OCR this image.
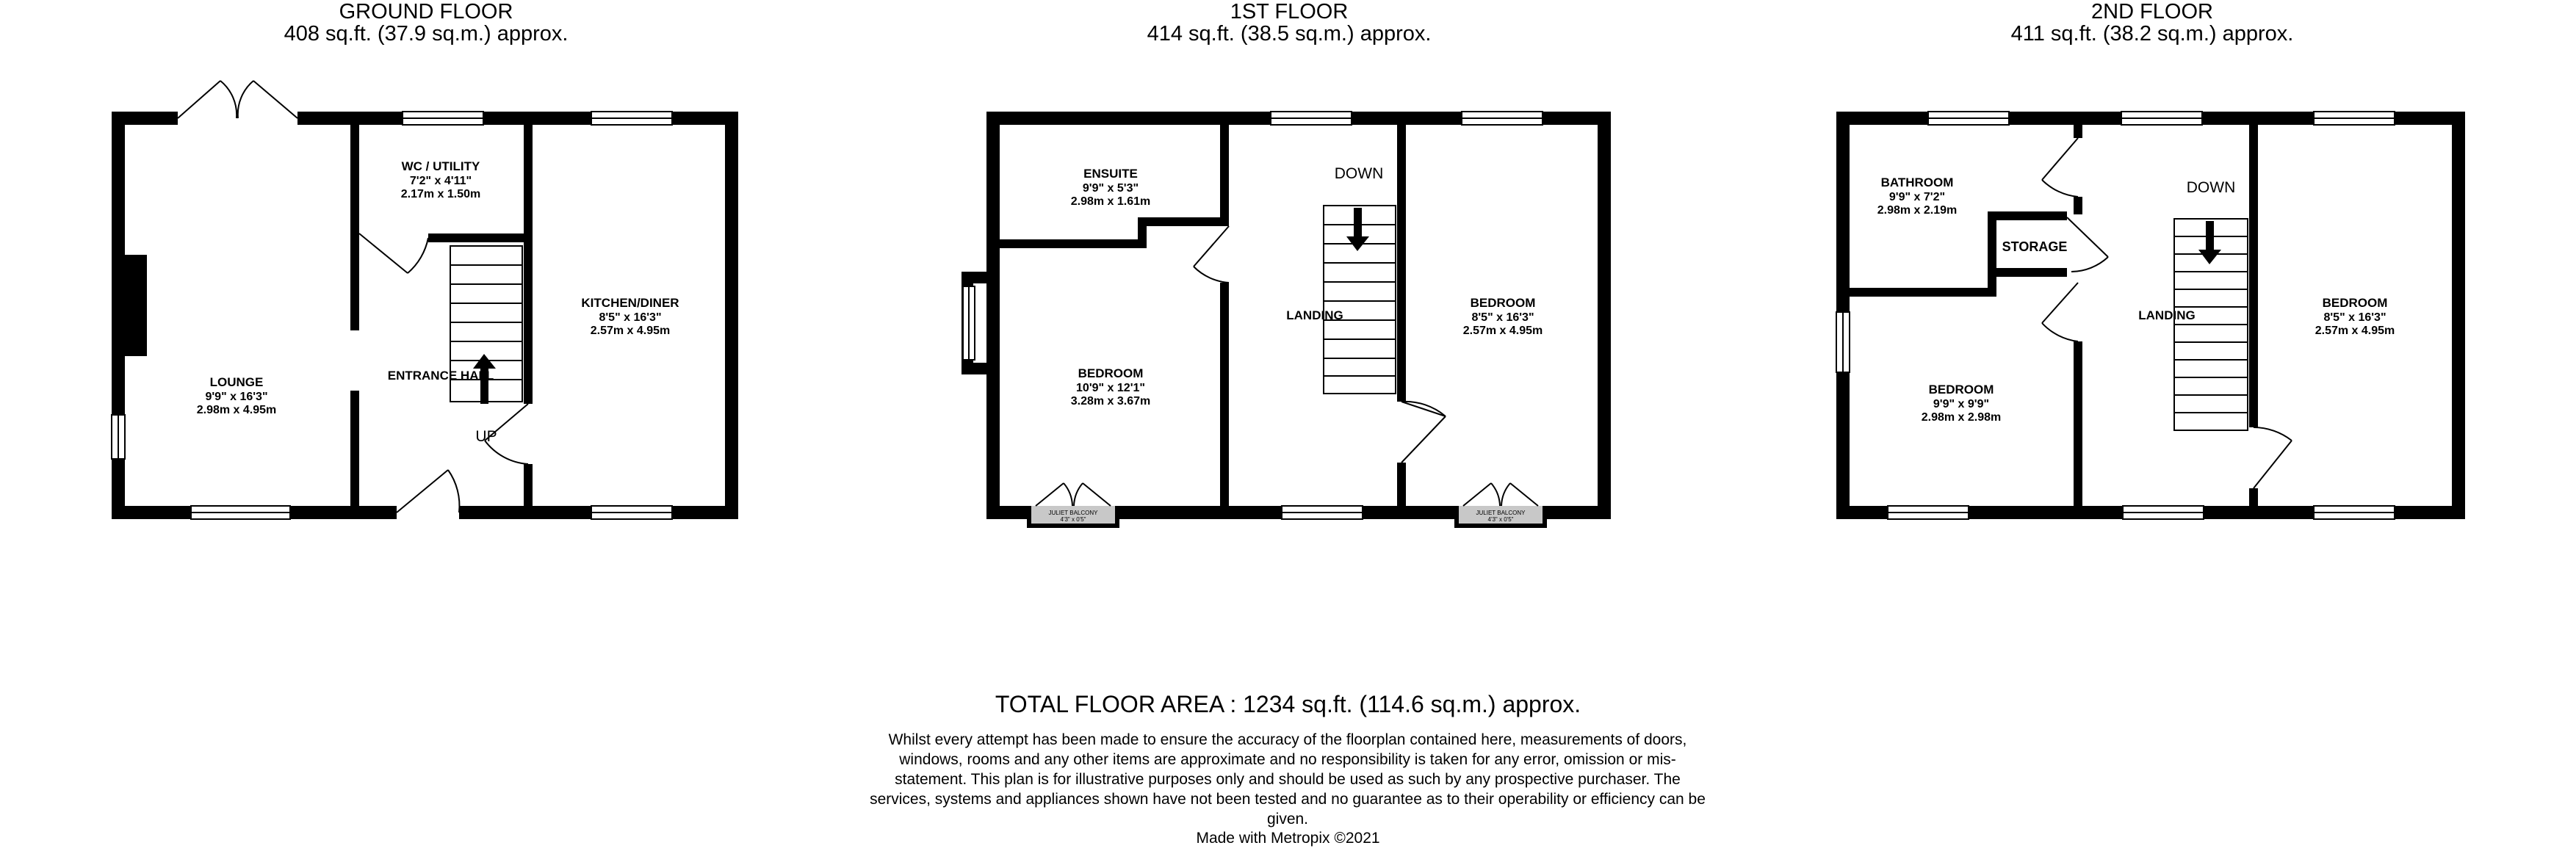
GROUND FLOOR
408 sq.ft. (37.9 sq.m.) approx.
1ST FLOOR
414 sq.ft. (38.5 sq.m.) approx.
2ND FLOOR
411 sq.ft. (38.2 sq.m.) approx.
LOUNGE
9'9" x 16'3"
2.98m x 4.95m
WC / UTILITY
7'2" x 4'11"
2.17m x 1.50m
KITCHEN/DINER
8'5" x 16'3"
2.57m x 4.95m
ENTRANCE HALL
UP
JULIET BALCONY
4'3" x 0'5"
JULIET BALCONY
4'3" x 0'5"
ENSUITE
9'9" x 5'3"
2.98m x 1.61m
BEDROOM
10'9" x 12'1"
3.28m x 3.67m
LANDING
DOWN
BEDROOM
8'5" x 16'3"
2.57m x 4.95m
BATHROOM
9'9" x 7'2"
2.98m x 2.19m
STORAGE
BEDROOM
9'9" x 9'9"
2.98m x 2.98m
LANDING
DOWN
BEDROOM
8'5" x 16'3"
2.57m x 4.95m
TOTAL FLOOR AREA : 1234 sq.ft. (114.6 sq.m.) approx.
Whilst every attempt has been made to ensure the accuracy of the floorplan contained here, measurements of doors, windows, rooms and any other items are approximate and no responsibility is taken for any error, omission or mis-statement. This plan is for illustrative purposes only and should be used as such by any prospective purchaser. The services, systems and appliances shown have not been tested and no guarantee as to their operability or efficiency can be given.
Made with Metropix ©2021
